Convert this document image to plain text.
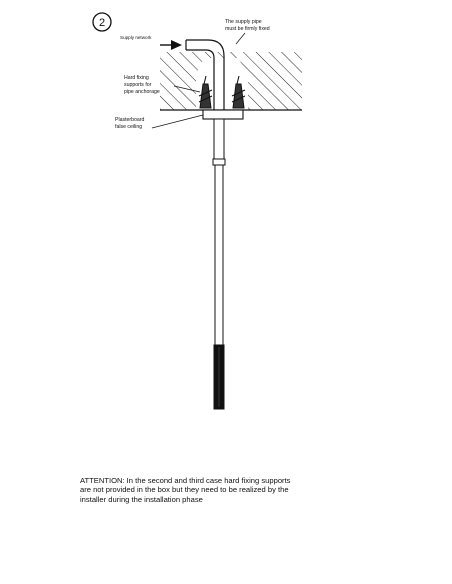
2
Supply network
The supply pipe
must be firmly fixed
Hard fixing
supports for
pipe anchorage
Plasterboard
false ceiling
ATTENTION: In the second and third case hard fixing supports
are not provided in the box but they need to be realized by the
installer during the installation phase
